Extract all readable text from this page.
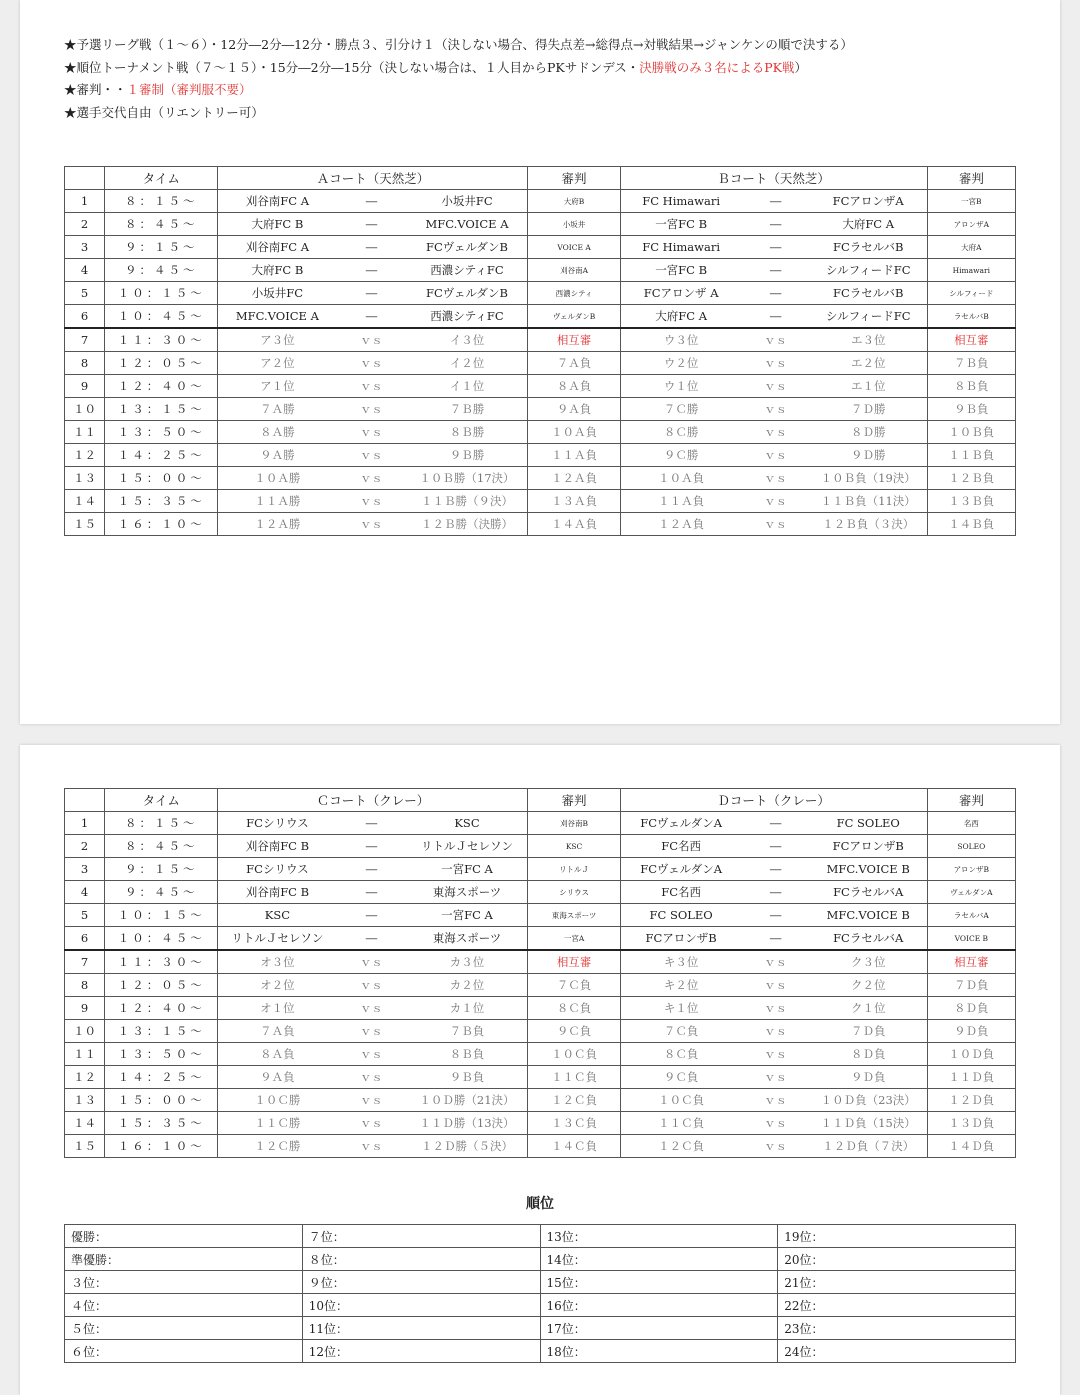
★予選リーグ戦（１～６）・12分―2分―12分・勝点３、引分け１（決しない場合、得失点差→総得点→対戦結果→ジャンケンの順で決する）
★順位トーナメント戦（７～１５）・15分―2分―15分（決しない場合は、１人目からPKサドンデス・決勝戦のみ３名によるPK戦）
★審判・・１審制（審判服不要）
★選手交代自由（リエントリー可）
	タイム	Ａコート（天然芝）			審判	Ｂコート（天然芝）			審判
1	８：１５～	刈谷南FC A	―	小坂井FC	大府B	FC Himawari	―	FCアロンザA	一宮B
2	８：４５～	大府FC B	―	MFC.VOICE A	小坂井	一宮FC B	―	大府FC A	アロンザA
3	９：１５～	刈谷南FC A	―	FCヴェルダンB	VOICE A	FC Himawari	―	FCラセルバB	大府A
4	９：４５～	大府FC B	―	西濃シティFC	刈谷南A	一宮FC B	―	シルフィードFC	Himawari
5	１０：１５～	小坂井FC	―	FCヴェルダンB	西濃シティ	FCアロンザ A	―	FCラセルバB	シルフィード
6	１０：４５～	MFC.VOICE A	―	西濃シティFC	ヴェルダンB	大府FC A	―	シルフィードFC	ラセルバB
7	１１：３０～	ア３位	ｖｓ	イ３位	相互審	ウ３位	ｖｓ	エ３位	相互審
8	１２：０５～	ア２位	ｖｓ	イ２位	７Ａ負	ウ２位	ｖｓ	エ２位	７Ｂ負
9	１２：４０～	ア１位	ｖｓ	イ１位	８Ａ負	ウ１位	ｖｓ	エ１位	８Ｂ負
１０	１３：１５～	７Ａ勝	ｖｓ	７Ｂ勝	９Ａ負	７Ｃ勝	ｖｓ	７Ｄ勝	９Ｂ負
１１	１３：５０～	８Ａ勝	ｖｓ	８Ｂ勝	１０Ａ負	８Ｃ勝	ｖｓ	８Ｄ勝	１０Ｂ負
１２	１４：２５～	９Ａ勝	ｖｓ	９Ｂ勝	１１Ａ負	９Ｃ勝	ｖｓ	９Ｄ勝	１１Ｂ負
１３	１５：００～	１０Ａ勝	ｖｓ	１０Ｂ勝（17決）	１２Ａ負	１０Ａ負	ｖｓ	１０Ｂ負（19決）	１２Ｂ負
１４	１５：３５～	１１Ａ勝	ｖｓ	１１Ｂ勝（９決）	１３Ａ負	１１Ａ負	ｖｓ	１１Ｂ負（11決）	１３Ｂ負
１５	１６：１０～	１２Ａ勝	ｖｓ	１２Ｂ勝（決勝）	１４Ａ負	１２Ａ負	ｖｓ	１２Ｂ負（３決）	１４Ｂ負
	タイム	Ｃコート（クレー）			審判	Ｄコート（クレー）			審判
1	８：１５～	FCシリウス	―	KSC	刈谷南B	FCヴェルダンA	―	FC SOLEO	名西
2	８：４５～	刈谷南FC B	―	リトルＪセレソン	KSC	FC名西	―	FCアロンザB	SOLEO
3	９：１５～	FCシリウス	―	一宮FC A	リトルＪ	FCヴェルダンA	―	MFC.VOICE B	アロンザB
4	９：４５～	刈谷南FC B	―	東海スポーツ	シリウス	FC名西	―	FCラセルバA	ヴェルダンA
5	１０：１５～	KSC	―	一宮FC A	東海スポーツ	FC SOLEO	―	MFC.VOICE B	ラセルバA
6	１０：４５～	リトルＪセレソン	―	東海スポーツ	一宮A	FCアロンザB	―	FCラセルバA	VOICE B
7	１１：３０～	オ３位	ｖｓ	カ３位	相互審	キ３位	ｖｓ	ク３位	相互審
8	１２：０５～	オ２位	ｖｓ	カ２位	７Ｃ負	キ２位	ｖｓ	ク２位	７Ｄ負
9	１２：４０～	オ１位	ｖｓ	カ１位	８Ｃ負	キ１位	ｖｓ	ク１位	８Ｄ負
１０	１３：１５～	７Ａ負	ｖｓ	７Ｂ負	９Ｃ負	７Ｃ負	ｖｓ	７Ｄ負	９Ｄ負
１１	１３：５０～	８Ａ負	ｖｓ	８Ｂ負	１０Ｃ負	８Ｃ負	ｖｓ	８Ｄ負	１０Ｄ負
１２	１４：２５～	９Ａ負	ｖｓ	９Ｂ負	１１Ｃ負	９Ｃ負	ｖｓ	９Ｄ負	１１Ｄ負
１３	１５：００～	１０Ｃ勝	ｖｓ	１０Ｄ勝（21決）	１２Ｃ負	１０Ｃ負	ｖｓ	１０Ｄ負（23決）	１２Ｄ負
１４	１５：３５～	１１Ｃ勝	ｖｓ	１１Ｄ勝（13決）	１３Ｃ負	１１Ｃ負	ｖｓ	１１Ｄ負（15決）	１３Ｄ負
１５	１６：１０～	１２Ｃ勝	ｖｓ	１２Ｄ勝（５決）	１４Ｃ負	１２Ｃ負	ｖｓ	１２Ｄ負（７決）	１４Ｄ負
順位
優勝：	７位：	13位：	19位：
準優勝：	８位：	14位：	20位：
３位：	９位：	15位：	21位：
４位：	10位：	16位：	22位：
５位：	11位：	17位：	23位：
６位：	12位：	18位：	24位：
